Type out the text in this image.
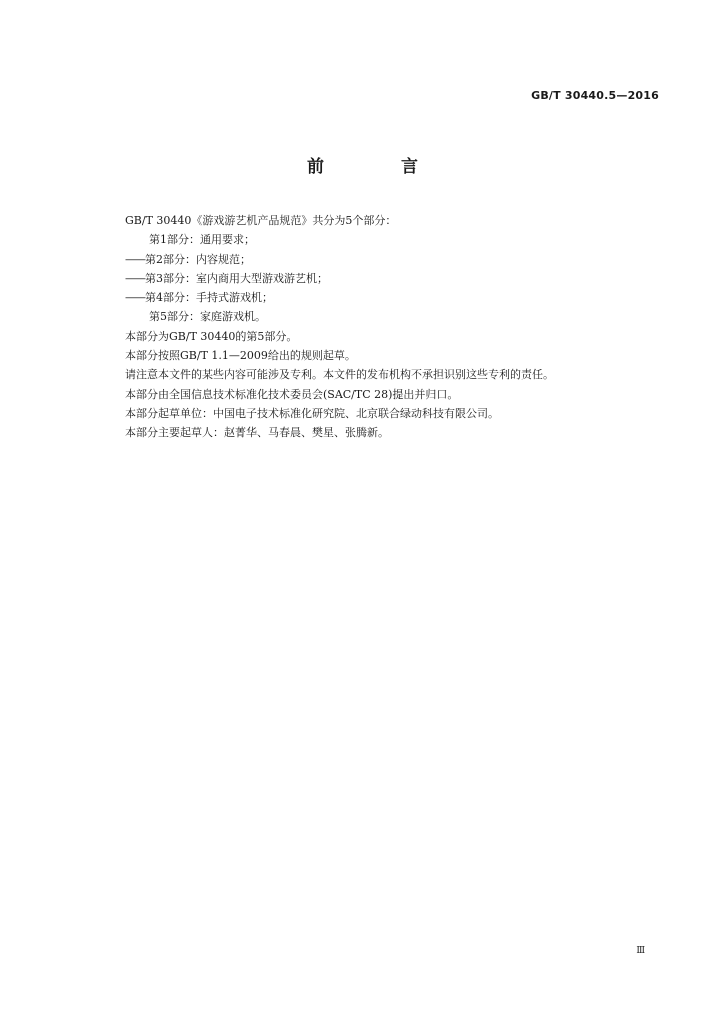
GB/T 30440.5—2016
前　言
GB/T 30440《游戏游艺机产品规范》共分为5个部分：
第1部分：通用要求；
——第2部分：内容规范；
——第3部分：室内商用大型游戏游艺机；
——第4部分：手持式游戏机；
第5部分：家庭游戏机。
本部分为GB/T 30440的第5部分。
本部分按照GB/T 1.1—2009给出的规则起草。
请注意本文件的某些内容可能涉及专利。本文件的发布机构不承担识别这些专利的责任。
本部分由全国信息技术标准化技术委员会(SAC/TC 28)提出并归口。
本部分起草单位：中国电子技术标准化研究院、北京联合绿动科技有限公司。
本部分主要起草人：赵菁华、马春晨、樊星、张腾新。
Ⅲ
